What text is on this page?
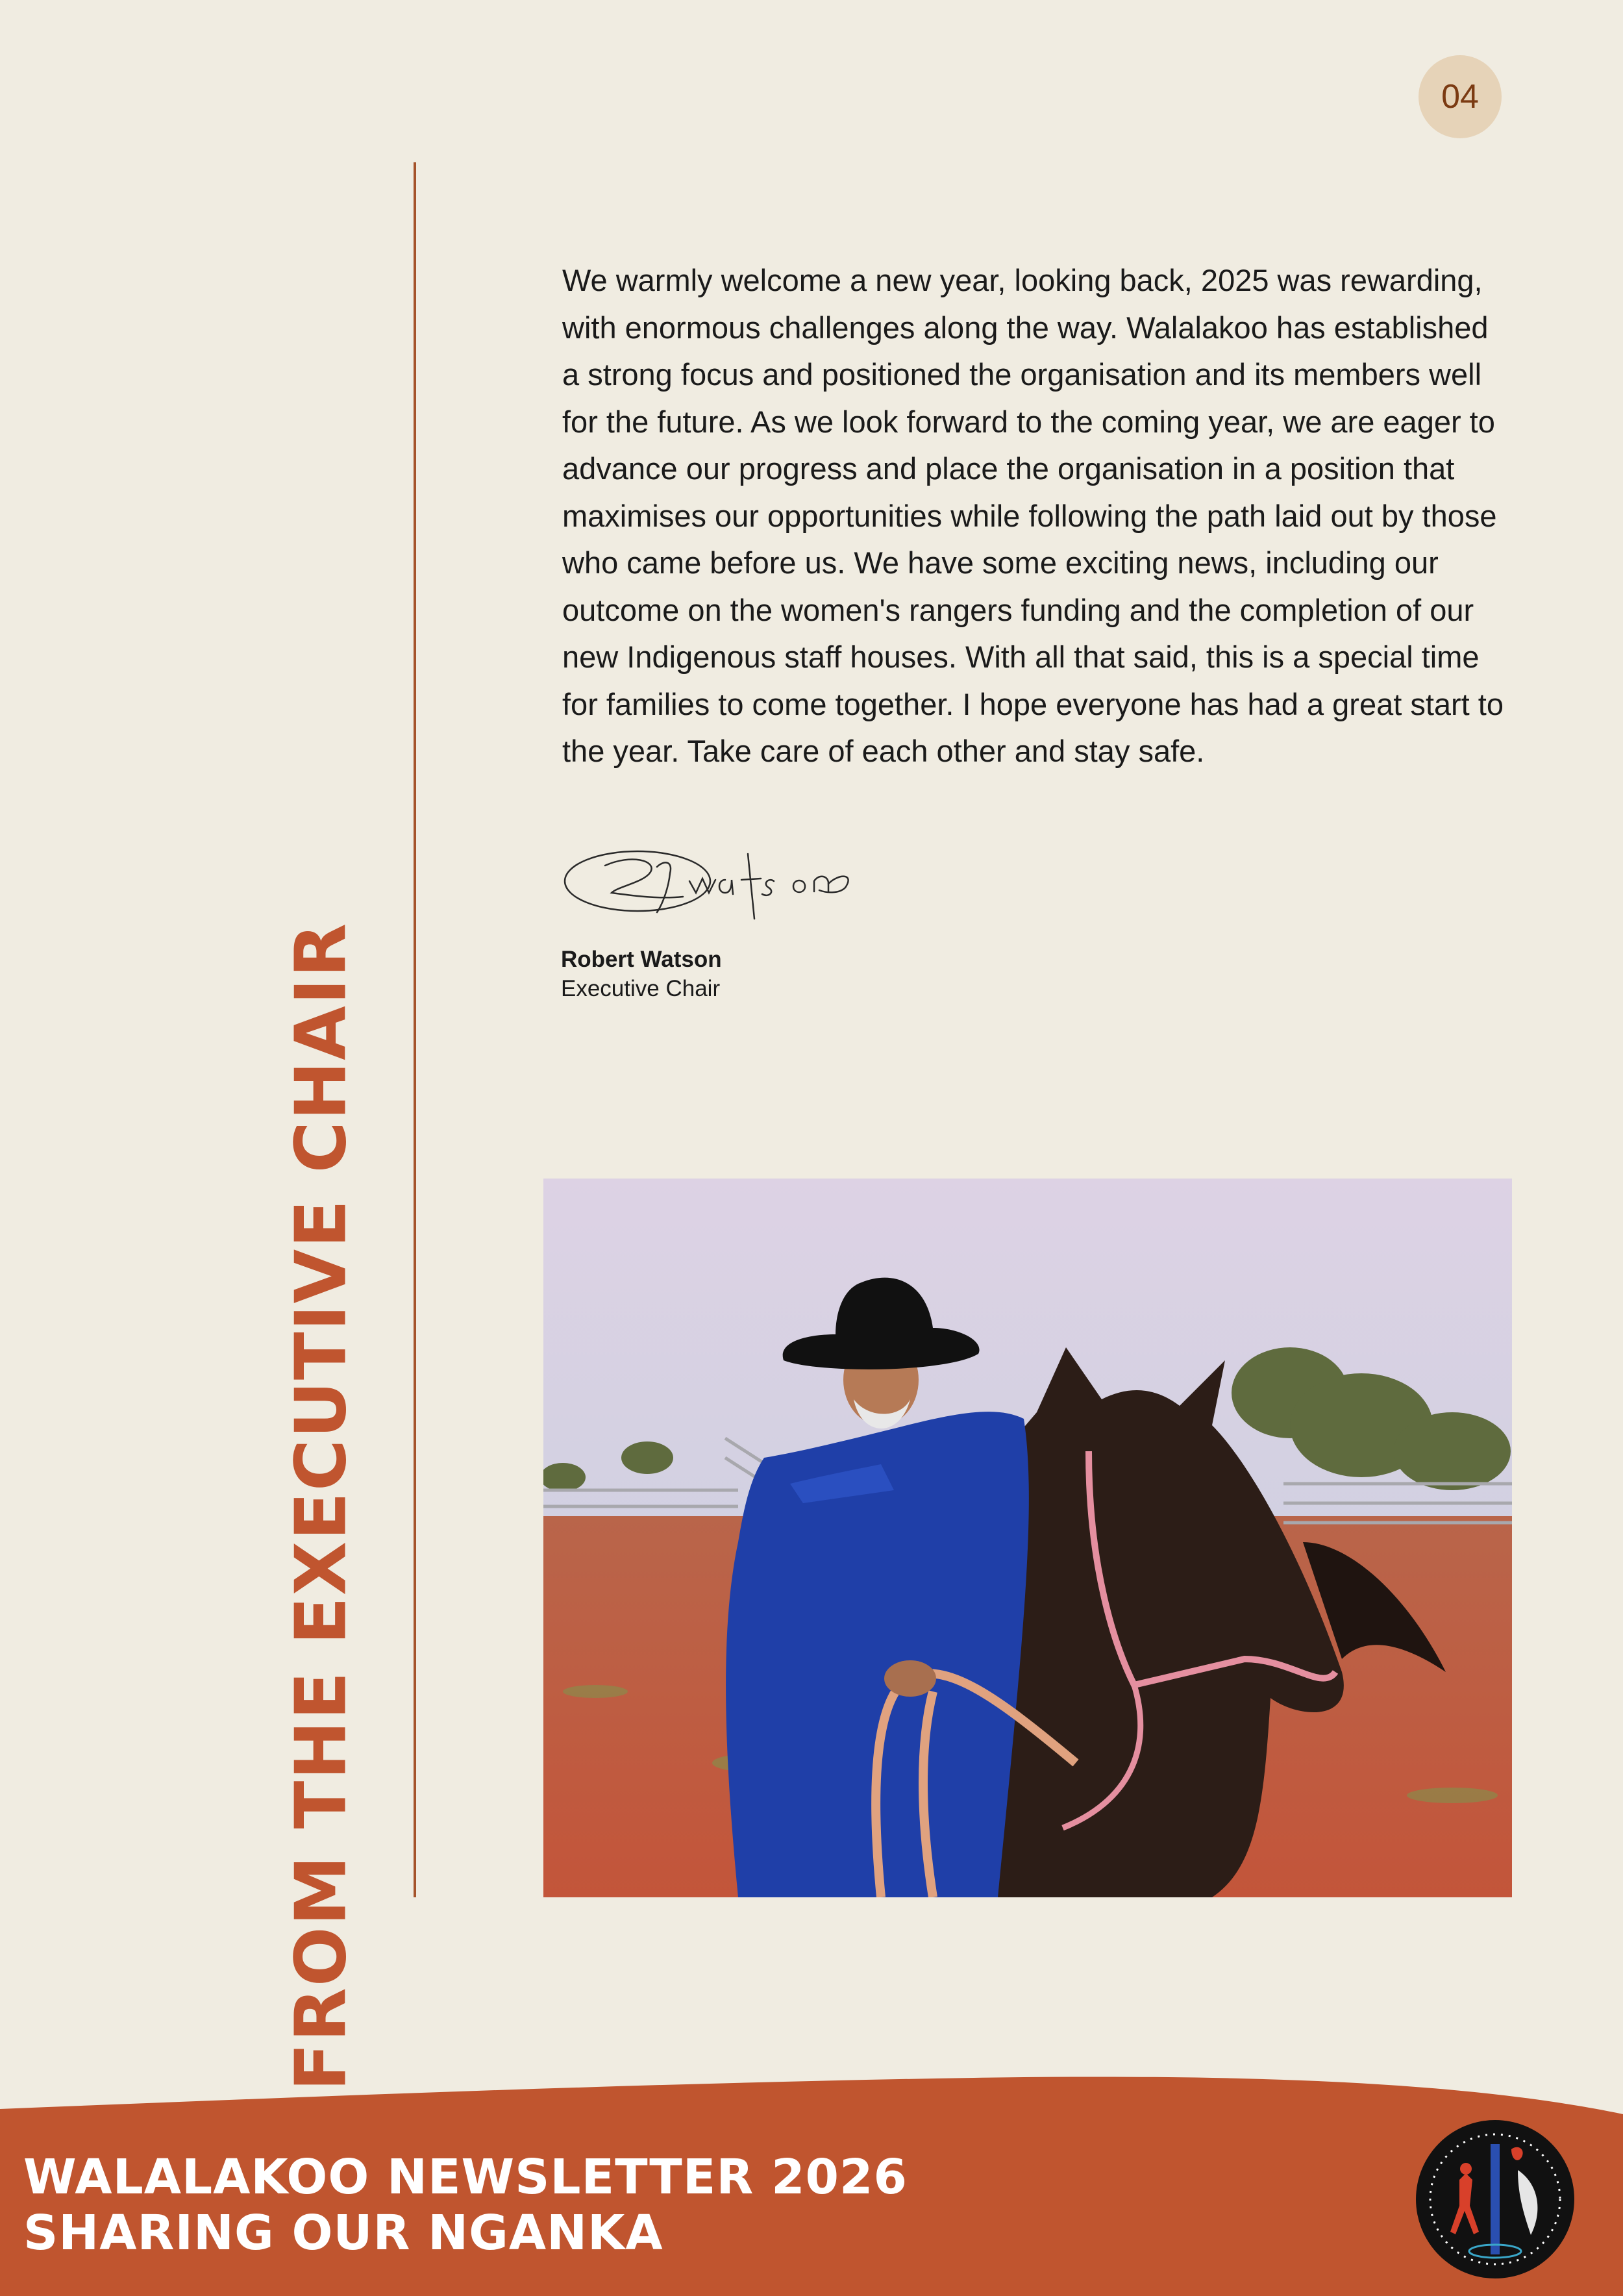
04
FROM THE EXECUTIVE CHAIR

We warmly welcome a new year, looking back, 2025 was rewarding,
with enormous challenges along the way. Walalakoo has established
a strong focus and positioned the organisation and its members well
for the future. As we look forward to the coming year, we are eager to
advance our progress and place the organisation in a position that
maximises our opportunities while following the path laid out by those
who came before us. We have some exciting news, including our
outcome on the women's rangers funding and the completion of our
new Indigenous staff houses. With all that said, this is a special time
for families to come together. I hope everyone has had a great start to
the year. Take care of each other and stay safe.

Robert Watson
Executive Chair
WALALAKOO NEWSLETTER 2026
SHARING OUR NGANKA
